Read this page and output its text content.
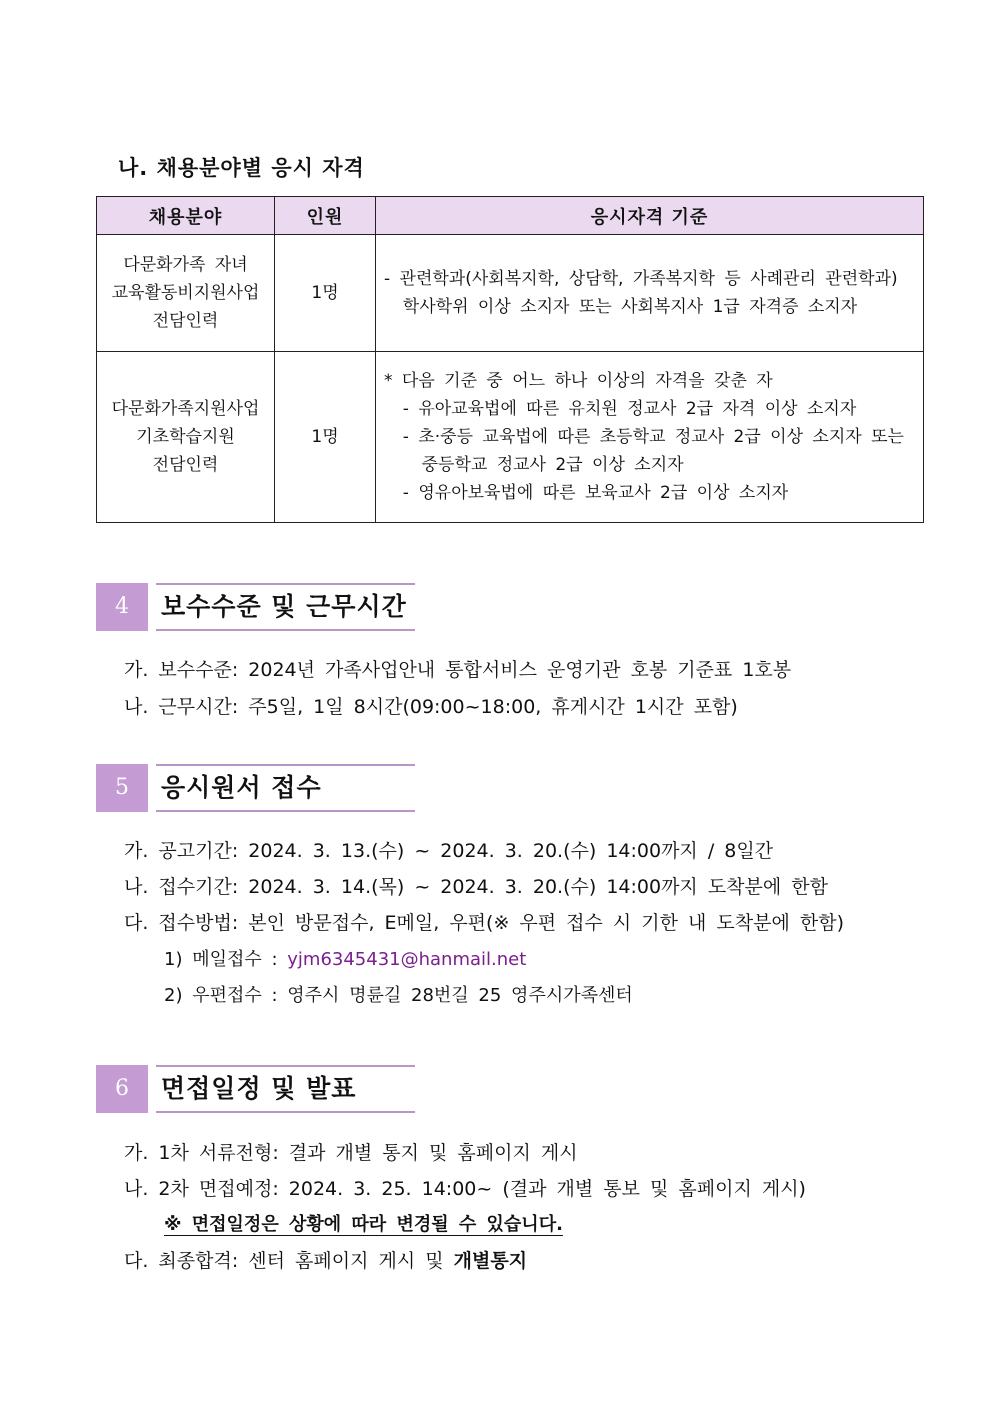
나. 채용분야별 응시 자격
채용분야	인원	응시자격 기준

다문화가족 자녀
교육활동비지원사업
전담인력	1명	- 관련학과(사회복지학, 상담학, 가족복지학 등 사례관리 관련학과)
학사학위 이상 소지자 또는 사회복지사 1급 자격증 소지자

다문화가족지원사업
기초학습지원
전담인력	1명	* 다음 기준 중 어느 하나 이상의 자격을 갖춘 자
- 유아교육법에 따른 유치원 정교사 2급 자격 이상 소지자
- 초·중등 교육법에 따른 초등학교 정교사 2급 이상 소지자 또는
중등학교 정교사 2급 이상 소지자
- 영유아보육법에 따른 보육교사 2급 이상 소지자
4	보수수준 및 근무시간
가. 보수수준: 2024년 가족사업안내 통합서비스 운영기관 호봉 기준표 1호봉
나. 근무시간: 주5일, 1일 8시간(09:00~18:00, 휴게시간 1시간 포함)
5	응시원서 접수
가. 공고기간: 2024. 3. 13.(수) ~ 2024. 3. 20.(수) 14:00까지 / 8일간
나. 접수기간: 2024. 3. 14.(목) ~ 2024. 3. 20.(수) 14:00까지 도착분에 한함
다. 접수방법: 본인 방문접수, E메일, 우편(※ 우편 접수 시 기한 내 도착분에 한함)
1) 메일접수 : yjm6345431@hanmail.net
2) 우편접수 : 영주시 명륜길 28번길 25 영주시가족센터
6	면접일정 및 발표
가. 1차 서류전형: 결과 개별 통지 및 홈페이지 게시
나. 2차 면접예정: 2024. 3. 25. 14:00~ (결과 개별 통보 및 홈페이지 게시)
※ 면접일정은 상황에 따라 변경될 수 있습니다.
다. 최종합격: 센터 홈페이지 게시 및 개별통지
